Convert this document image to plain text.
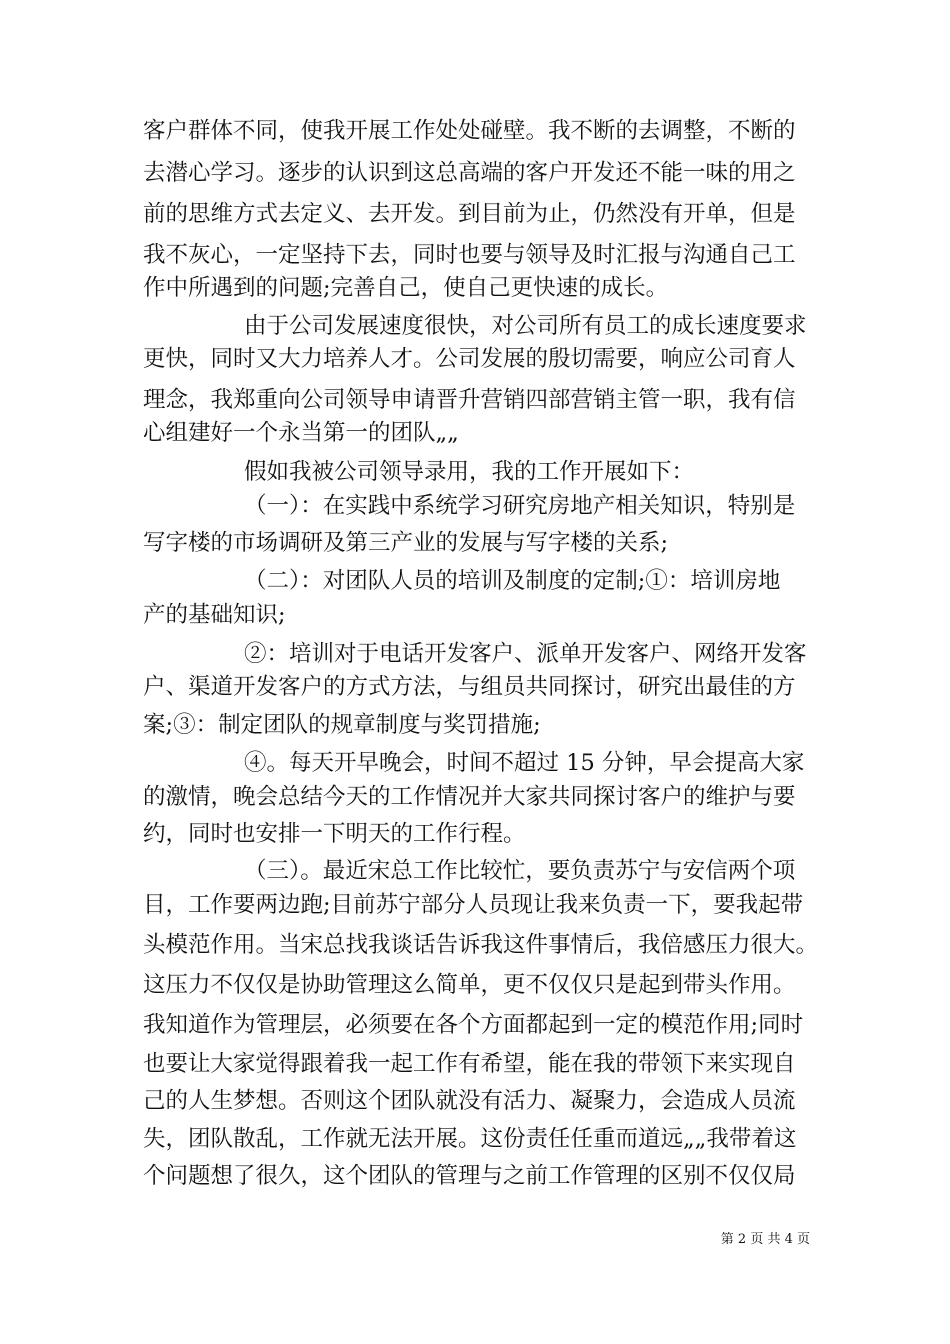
客户群体不同，使我开展工作处处碰壁。我不断的去调整，不断的
去潜心学习。逐步的认识到这总高端的客户开发还不能一味的用之
前的思维方式去定义、去开发。到目前为止，仍然没有开单，但是
我不灰心，一定坚持下去，同时也要与领导及时汇报与沟通自己工
作中所遇到的问题;完善自己，使自己更快速的成长。
由于公司发展速度很快，对公司所有员工的成长速度要求
更快，同时又大力培养人才。公司发展的殷切需要，响应公司育人
理念，我郑重向公司领导申请晋升营销四部营销主管一职，我有信
心组建好一个永当第一的团队„„
假如我被公司领导录用，我的工作开展如下：
（一）：在实践中系统学习研究房地产相关知识，特别是
写字楼的市场调研及第三产业的发展与写字楼的关系;
（二）：对团队人员的培训及制度的定制;①：培训房地
产的基础知识;
②：培训对于电话开发客户、派单开发客户、网络开发客
户、渠道开发客户的方式方法，与组员共同探讨，研究出最佳的方
案;③：制定团队的规章制度与奖罚措施;
④。每天开早晚会，时间不超过 15 分钟，早会提高大家
的激情，晚会总结今天的工作情况并大家共同探讨客户的维护与要
约，同时也安排一下明天的工作行程。
（三）。最近宋总工作比较忙，要负责苏宁与安信两个项
目，工作要两边跑;目前苏宁部分人员现让我来负责一下，要我起带
头模范作用。当宋总找我谈话告诉我这件事情后，我倍感压力很大。
这压力不仅仅是协助管理这么简单，更不仅仅只是起到带头作用。
我知道作为管理层，必须要在各个方面都起到一定的模范作用;同时
也要让大家觉得跟着我一起工作有希望，能在我的带领下来实现自
己的人生梦想。否则这个团队就没有活力、凝聚力，会造成人员流
失，团队散乱，工作就无法开展。这份责任任重而道远„„我带着这
个问题想了很久，这个团队的管理与之前工作管理的区别不仅仅局
第 2 页 共 4 页
